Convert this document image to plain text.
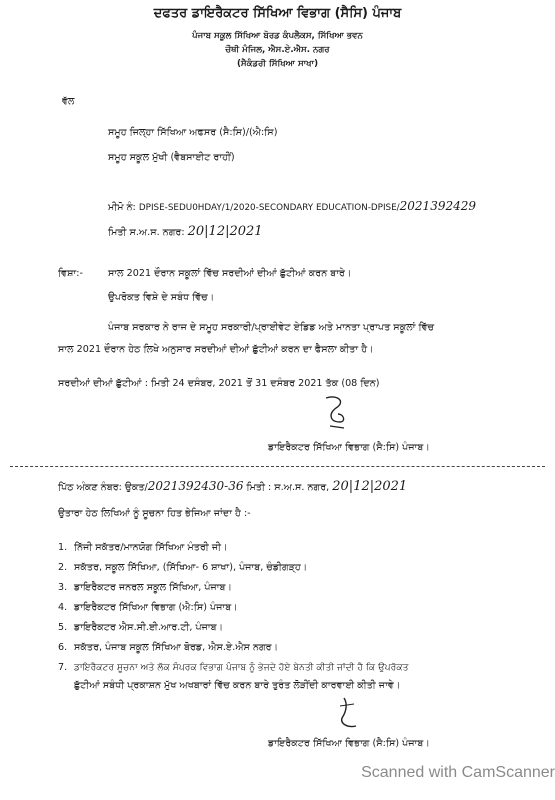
ਦਫਤਰ ਡਾਇਰੈਕਟਰ ਸਿੱਖਿਆ ਵਿਭਾਗ (ਸੈਸਿ) ਪੰਜਾਬ
ਪੰਜਾਬ ਸਕੂਲ ਸਿੱਖਿਆ ਬੋਰਡ ਕੰਪਲੈਕਸ, ਸਿੱਖਿਆ ਭਵਨ
ਚੌਥੀ ਮੰਜਿਲ, ਐਸ.ਏ.ਐਸ. ਨਗਰ
(ਸੈਕੰਡਰੀ ਸਿੱਖਿਆ ਸਾਖਾ)
ਵੱਲ
ਸਮੂਹ ਜਿਲ੍ਹਾ ਸਿੱਖਿਆ ਅਫਸਰ (ਸੈ:ਸਿ)/(ਐ:ਸਿ)
ਸਮੂਹ ਸਕੂਲ ਮੁੱਖੀ (ਵੈਬਸਾਈਟ ਰਾਹੀਂ)
ਮੀਮੋ ਨੰ: DPISE-SEDU0HDAY/1/2020-SECONDARY EDUCATION-DPISE/2021392429
ਮਿਤੀ ਸ.ਅ.ਸ. ਨਗਰ: 20|12|2021
ਵਿਸ਼ਾ:-	ਸਾਲ 2021 ਦੌਰਾਨ ਸਕੂਲਾਂ ਵਿੱਚ ਸਰਦੀਆਂ ਦੀਆਂ ਛੁੱਟੀਆਂ ਕਰਨ ਬਾਰੇ।
ਉਪਰੋਕਤ ਵਿਸ਼ੇ ਦੇ ਸਬੰਧ ਵਿੱਚ।
ਪੰਜਾਬ ਸਰਕਾਰ ਨੇ ਰਾਜ ਦੇ ਸਮੂਹ ਸਰਕਾਰੀ/ਪ੍ਰਾਈਵੇਟ ਏਡਿਡ ਅਤੇ ਮਾਨਤਾ ਪ੍ਰਾਪਤ ਸਕੂਲਾਂ ਵਿੱਚ
ਸਾਲ 2021 ਦੌਰਾਨ ਹੇਠ ਲਿਖੇ ਅਨੁਸਾਰ ਸਰਦੀਆਂ ਦੀਆਂ ਛੁੱਟੀਆਂ ਕਰਨ ਦਾ ਫੈਸਲਾ ਕੀਤਾ ਹੈ।
ਸਰਦੀਆਂ ਦੀਆਂ ਛੁੱਟੀਆਂ : ਮਿਤੀ 24 ਦਸੰਬਰ, 2021 ਤੋਂ 31 ਦਸੰਬਰ 2021 ਤੱਕ (08 ਦਿਨ)
ਡਾਇਰੈਕਟਰ ਸਿੱਖਿਆ ਵਿਭਾਗ (ਸੈ:ਸਿ) ਪੰਜਾਬ।
ਪਿੱਠ ਅੰਕਣ ਨੰਬਰ: ਉਕਤ/2021392430-36 ਮਿਤੀ : ਸ.ਅ.ਸ. ਨਗਰ, 20|12|2021
ਉਤਾਰਾ ਹੇਠ ਲਿਖਿਆਂ ਨੂੰ ਸੂਚਨਾ ਹਿਤ ਭੇਜਿਆ ਜਾਂਦਾ ਹੈ :-
1. ਨਿੱਜੀ ਸਕੱਤਰ/ਮਾਨਯੋਗ ਸਿੱਖਿਆ ਮੰਤਰੀ ਜੀ।
2. ਸਕੱਤਰ, ਸਕੂਲ ਸਿੱਖਿਆ, (ਸਿੱਖਿਆ- 6 ਸ਼ਾਖਾ), ਪੰਜਾਬ, ਚੰਡੀਗੜ੍ਹ।
3. ਡਾਇਰੈਕਟਰ ਜਨਰਲ ਸਕੂਲ ਸਿੱਖਿਆ, ਪੰਜਾਬ।
4. ਡਾਇਰੈਕਟਰ ਸਿੱਖਿਆ ਵਿਭਾਗ (ਐ:ਸਿ) ਪੰਜਾਬ।
5. ਡਾਇਰੈਕਟਰ ਐਸ.ਸੀ.ਈ.ਆਰ.ਟੀ, ਪੰਜਾਬ।
6. ਸਕੱਤਰ, ਪੰਜਾਬ ਸਕੂਲ ਸਿੱਖਿਆ ਬੋਰਡ, ਐਸ.ਏ.ਐਸ ਨਗਰ।
7. ਡਾਇਰੈਕਟਰ ਸੂਚਨਾ ਅਤੇ ਲੋਕ ਸੰਪਰਕ ਵਿਭਾਗ ਪੰਜਾਬ ਨੂੰ ਭੇਜਦੇ ਹੋਏ ਬੇਨਤੀ ਕੀਤੀ ਜਾਂਦੀ ਹੈ ਕਿ ਉਪਰੋਕਤ
ਛੁੱਟੀਆਂ ਸਬੰਧੀ ਪ੍ਰਕਾਸ਼ਨ ਮੁੱਖ ਅਖਬਾਰਾਂ ਵਿੱਚ ਕਰਨ ਬਾਰੇ ਤੁਰੰਤ ਲੋੜੀਂਦੀ ਕਾਰਵਾਈ ਕੀਤੀ ਜਾਵੇ।
ਡਾਇਰੈਕਟਰ ਸਿੱਖਿਆ ਵਿਭਾਗ (ਸੈ:ਸਿ) ਪੰਜਾਬ।
Scanned with CamScanner
